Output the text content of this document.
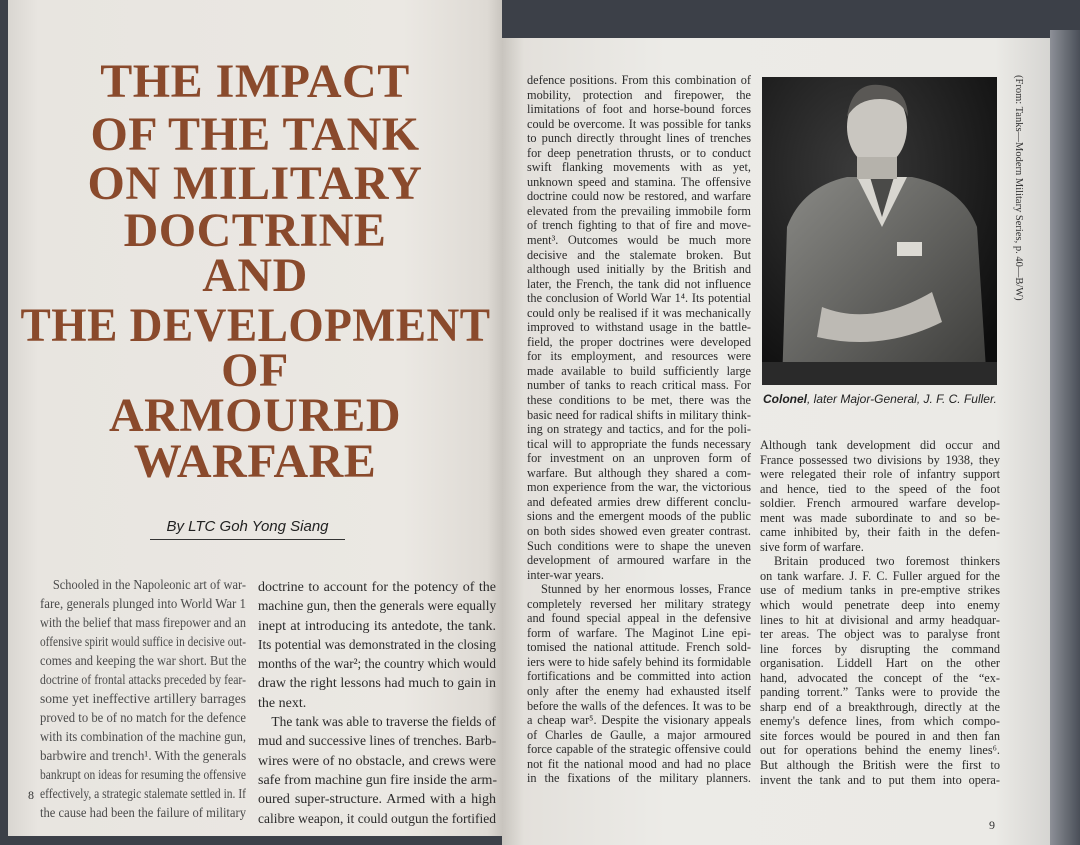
THE IMPACT
OF THE TANK
ON MILITARY
DOCTRINE
AND
THE DEVELOPMENT
OF
ARMOURED
WARFARE
By LTC Goh Yong Siang
Schooled in the Napoleonic art of war-
fare, generals plunged into World War 1
with the belief that mass firepower and an
offensive spirit would suffice in decisive out-
comes and keeping the war short. But the
doctrine of frontal attacks preceded by fear-
some yet ineffective artillery barrages
proved to be of no match for the defence
with its combination of the machine gun,
barbwire and trench¹. With the generals
bankrupt on ideas for resuming the offensive
effectively, a strategic stalemate settled in. If
the cause had been the failure of military
doctrine to account for the potency of the
machine gun, then the generals were equally
inept at introducing its antedote, the tank.
Its potential was demonstrated in the closing
months of the war²; the country which would
draw the right lessons had much to gain in
the next.
The tank was able to traverse the fields of
mud and successive lines of trenches. Barb-
wires were of no obstacle, and crews were
safe from machine gun fire inside the arm-
oured super-structure. Armed with a high
calibre weapon, it could outgun the fortified
defence positions. From this combination of
mobility, protection and firepower, the
limitations of foot and horse-bound forces
could be overcome. It was possible for tanks
to punch directly throught lines of trenches
for deep penetration thrusts, or to conduct
swift flanking movements with as yet,
unknown speed and stamina. The offensive
doctrine could now be restored, and warfare
elevated from the prevailing immobile form
of trench fighting to that of fire and move-
ment³. Outcomes would be much more
decisive and the stalemate broken. But
although used initially by the British and
later, the French, the tank did not influence
the conclusion of World War 1⁴. Its potential
could only be realised if it was mechanically
improved to withstand usage in the battle-
field, the proper doctrines were developed
for its employment, and resources were
made available to build sufficiently large
number of tanks to reach critical mass. For
these conditions to be met, there was the
basic need for radical shifts in military think-
ing on strategy and tactics, and for the poli-
tical will to appropriate the funds necessary
for investment on an unproven form of
warfare. But although they shared a com-
mon experience from the war, the victorious
and defeated armies drew different conclu-
sions and the emergent moods of the public
on both sides showed even greater contrast.
Such conditions were to shape the uneven
development of armoured warfare in the
inter-war years.
Stunned by her enormous losses, France
completely reversed her military strategy
and found special appeal in the defensive
form of warfare. The Maginot Line epi-
tomised the national attitude. French sold-
iers were to hide safely behind its formidable
fortifications and be committed into action
only after the enemy had exhausted itself
before the walls of the defences. It was to be
a cheap war⁵. Despite the visionary appeals
of Charles de Gaulle, a major armoured
force capable of the strategic offensive could
not fit the national mood and had no place
in the fixations of the military planners.
Although tank development did occur and
France possessed two divisions by 1938, they
were relegated their role of infantry support
and hence, tied to the speed of the foot
soldier. French armoured warfare develop-
ment was made subordinate to and so be-
came inhibited by, their faith in the defen-
sive form of warfare.
Britain produced two foremost thinkers
on tank warfare. J. F. C. Fuller argued for the
use of medium tanks in pre-emptive strikes
which would penetrate deep into enemy
lines to hit at divisional and army headquar-
ter areas. The object was to paralyse front
line forces by disrupting the command
organisation. Liddell Hart on the other
hand, advocated the concept of the “ex-
panding torrent.” Tanks were to provide the
sharp end of a breakthrough, directly at the
enemy's defence lines, from which compo-
site forces would be poured in and then fan
out for operations behind the enemy lines⁶.
But although the British were the first to
invent the tank and to put them into opera-
8
9
(From: Tanks—Modern Military Series, p. 40—B/W)
Colonel, later Major-General, J. F. C. Fuller.
